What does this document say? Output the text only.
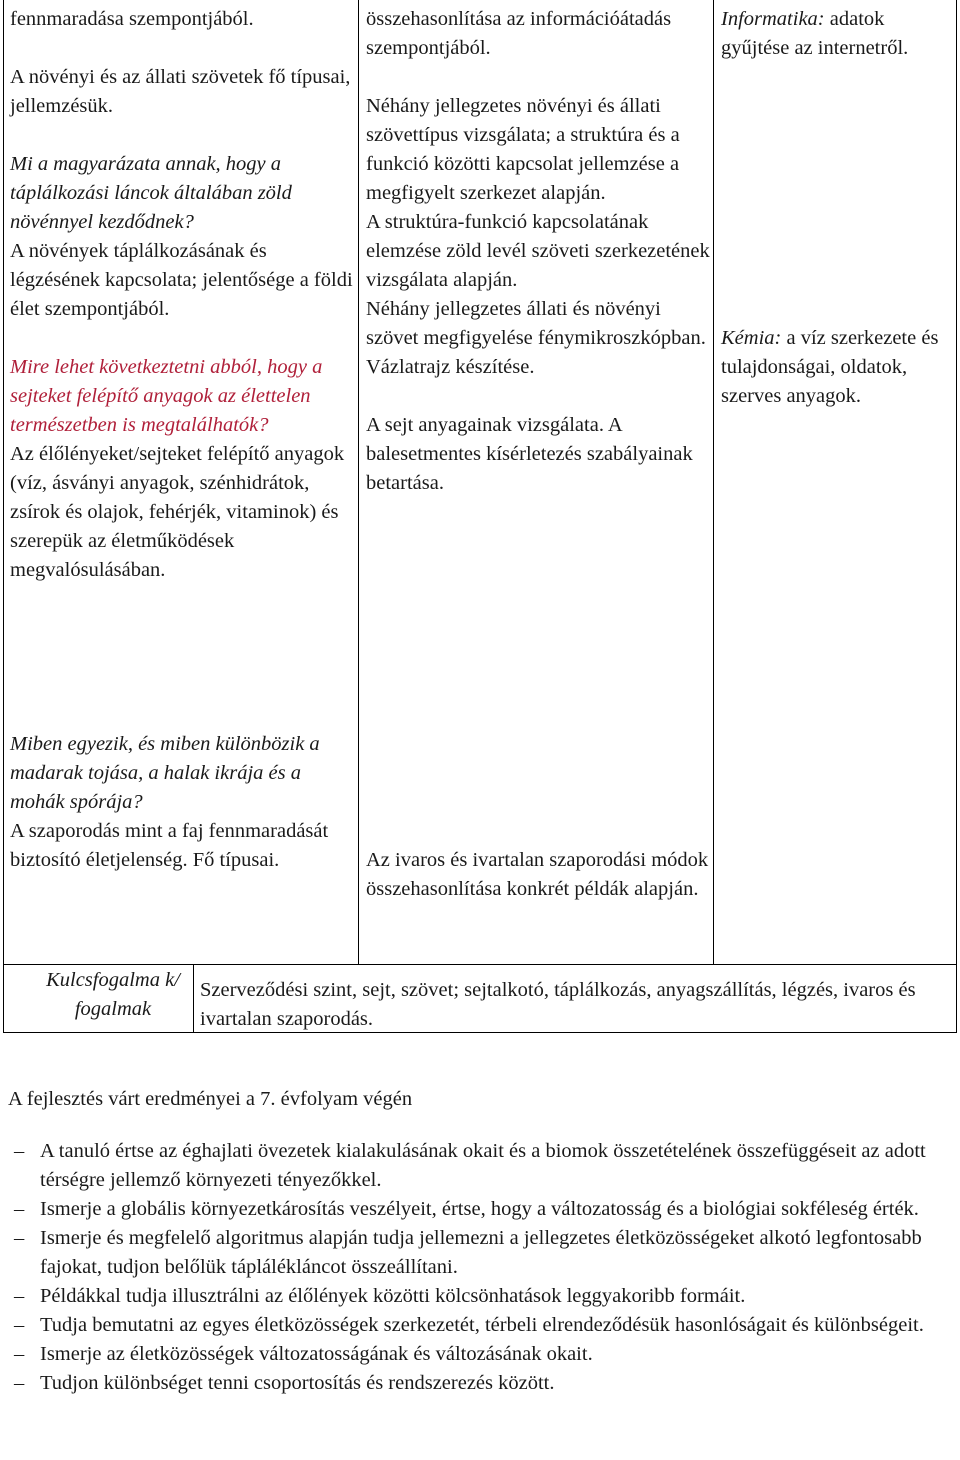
fennmaradása szempontjából.

A növényi és az állati szövetek fő típusai, jellemzésük.

Mi a magyarázata annak, hogy a táplálkozási láncok általában zöld növénnyel kezdődnek?

A növények táplálkozásának és légzésének kapcsolata; jelentősége a földi élet szempontjából.

Mire lehet következtetni abból, hogy a sejteket felépítő anyagok az élettelen természetben is megtalálhatók?

Az élőlényeket/sejteket felépítő anyagok (víz, ásványi anyagok, szénhidrátok, zsírok és olajok, fehérjék, vitaminok) és szerepük az életműködések megvalósulásában.

összehasonlítása az információátadás szempontjából.

Néhány jellegzetes növényi és állati szövettípus vizsgálata; a struktúra és a funkció közötti kapcsolat jellemzése a megfigyelt szerkezet alapján.

A struktúra-funkció kapcsolatának elemzése zöld levél szöveti szerkezetének vizsgálata alapján.

Néhány jellegzetes állati és növényi szövet megfigyelése fénymikroszkópban. Vázlatrajz készítése.

A sejt anyagainak vizsgálata. A balesetmentes kísérletezés szabályainak betartása.

Informatika: adatok gyűjtése az internetről.

Kémia: a víz szerkezete és tulajdonságai, oldatok, szerves anyagok.

Miben egyezik, és miben különbözik a madarak tojása, a halak ikrája és a mohák spórája?

A szaporodás mint a faj fennmaradását biztosító életjelenség. Fő típusai.	Az ivaros és ivartalan szaporodási módok összehasonlítása konkrét példák alapján.

Kulcsfogalma k/ fogalmak
Szerveződési szint, sejt, szövet; sejtalkotó, táplálkozás, anyagszállítás, légzés, ivaros és ivartalan szaporodás.
A fejlesztés várt eredményei a 7. évfolyam végén
– A tanuló értse az éghajlati övezetek kialakulásának okait és a biomok összetételének összefüggéseit az adott térségre jellemző környezeti tényezőkkel.
– Ismerje a globális környezetkárosítás veszélyeit, értse, hogy a változatosság és a biológiai sokféleség érték.
– Ismerje és megfelelő algoritmus alapján tudja jellemezni a jellegzetes életközösségeket alkotó legfontosabb fajokat, tudjon belőlük táplálékláncot összeállítani.
– Példákkal tudja illusztrálni az élőlények közötti kölcsönhatások leggyakoribb formáit.
– Tudja bemutatni az egyes életközösségek szerkezetét, térbeli elrendeződésük hasonlóságait és különbségeit.
– Ismerje az életközösségek változatosságának és változásának okait.
– Tudjon különbséget tenni csoportosítás és rendszerezés között.
